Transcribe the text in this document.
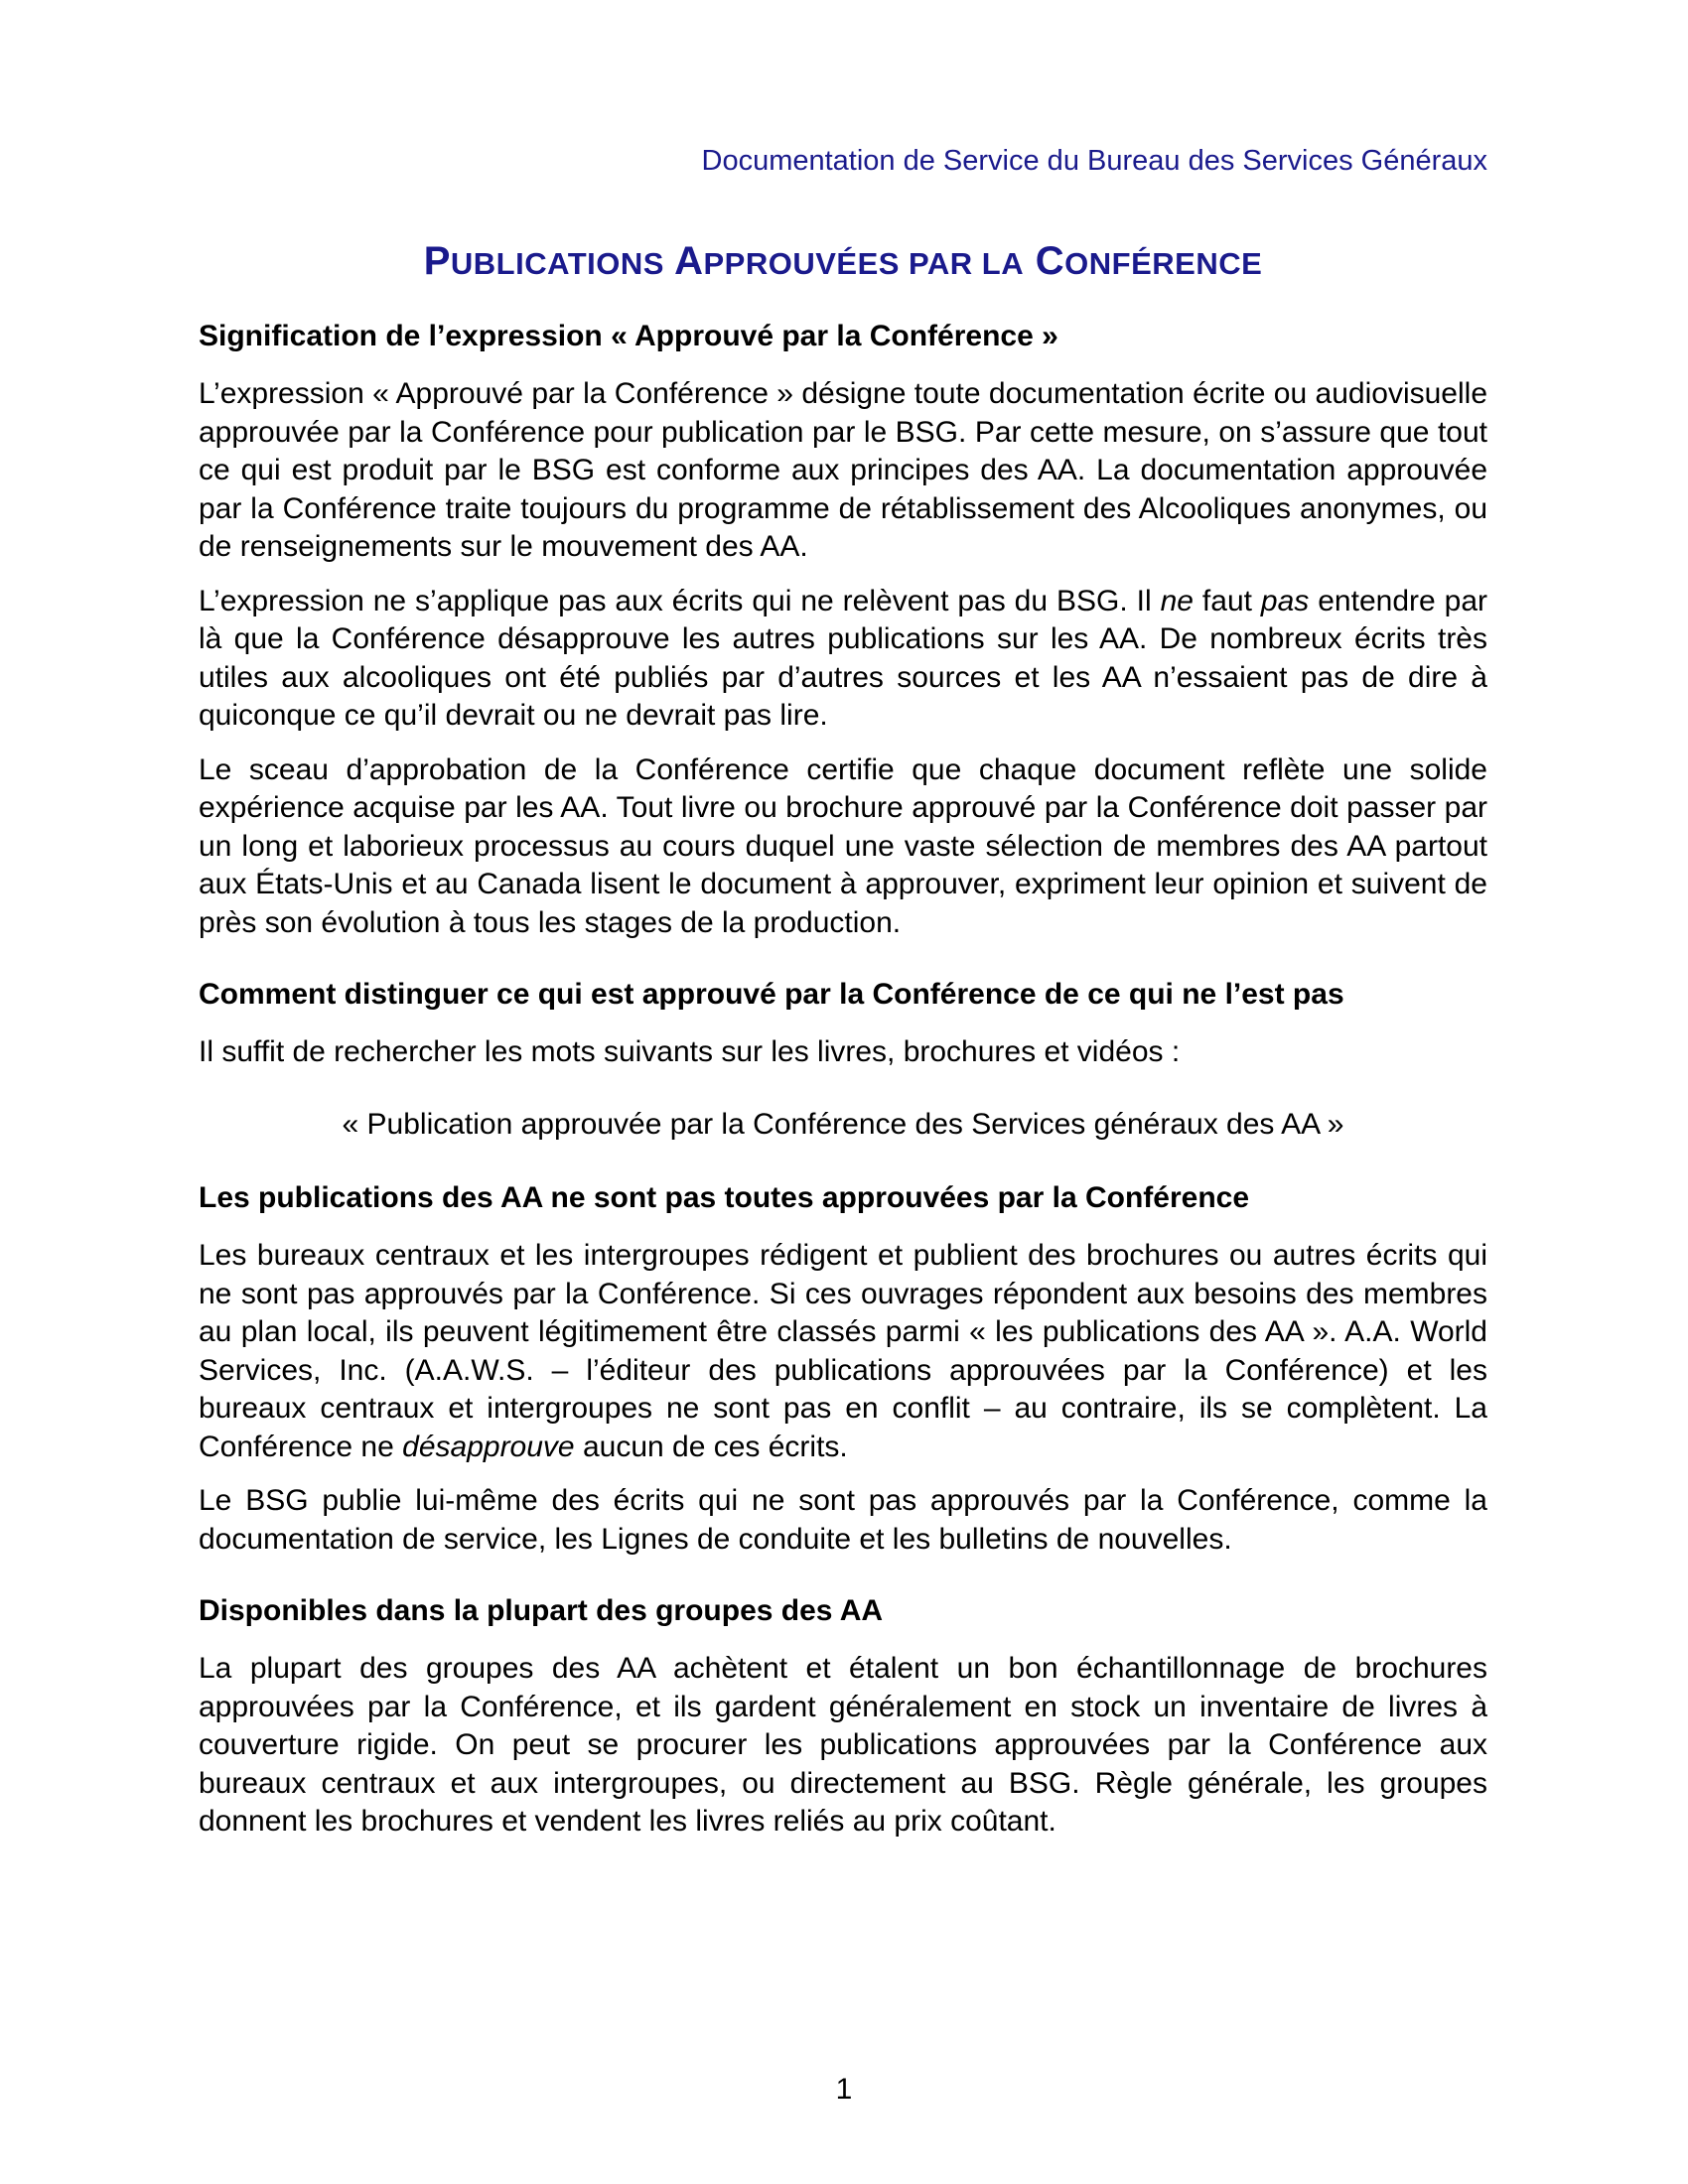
Documentation de Service du Bureau des Services Généraux
PUBLICATIONS APPROUVÉES PAR LA CONFÉRENCE
Signification de l’expression « Approuvé par la Conférence »

L’expression « Approuvé par la Conférence » désigne toute documentation écrite ou audiovisuelle approuvée par la Conférence pour publication par le BSG. Par cette mesure, on s’assure que tout ce qui est produit par le BSG est conforme aux principes des AA. La documentation approuvée par la Conférence traite toujours du programme de rétablissement des Alcooliques anonymes, ou de renseignements sur le mouvement des AA.

L’expression ne s’applique pas aux écrits qui ne relèvent pas du BSG. Il ne faut pas entendre par là que la Conférence désapprouve les autres publications sur les AA. De nombreux écrits très utiles aux alcooliques ont été publiés par d’autres sources et les AA n’essaient pas de dire à quiconque ce qu’il devrait ou ne devrait pas lire.

Le sceau d’approbation de la Conférence certifie que chaque document reflète une solide expérience acquise par les AA. Tout livre ou brochure approuvé par la Conférence doit passer par un long et laborieux processus au cours duquel une vaste sélection de membres des AA partout aux États-Unis et au Canada lisent le document à approuver, expriment leur opinion et suivent de près son évolution à tous les stages de la production.

Comment distinguer ce qui est approuvé par la Conférence de ce qui ne l’est pas

Il suffit de rechercher les mots suivants sur les livres, brochures et vidéos :

« Publication approuvée par la Conférence des Services généraux des AA »

Les publications des AA ne sont pas toutes approuvées par la Conférence

Les bureaux centraux et les intergroupes rédigent et publient des brochures ou autres écrits qui ne sont pas approuvés par la Conférence. Si ces ouvrages répondent aux besoins des membres au plan local, ils peuvent légitimement être classés parmi « les publications des AA ». A.A. World Services, Inc. (A.A.W.S. – l’éditeur des publications approuvées par la Conférence) et les bureaux centraux et intergroupes ne sont pas en conflit – au contraire, ils se complètent. La Conférence ne désapprouve aucun de ces écrits.

Le BSG publie lui-même des écrits qui ne sont pas approuvés par la Conférence, comme la documentation de service, les Lignes de conduite et les bulletins de nouvelles.

Disponibles dans la plupart des groupes des AA

La plupart des groupes des AA achètent et étalent un bon échantillonnage de brochures approuvées par la Conférence, et ils gardent généralement en stock un inventaire de livres à couverture rigide. On peut se procurer les publications approuvées par la Conférence aux bureaux centraux et aux intergroupes, ou directement au BSG. Règle générale, les groupes donnent les brochures et vendent les livres reliés au prix coûtant.

1
